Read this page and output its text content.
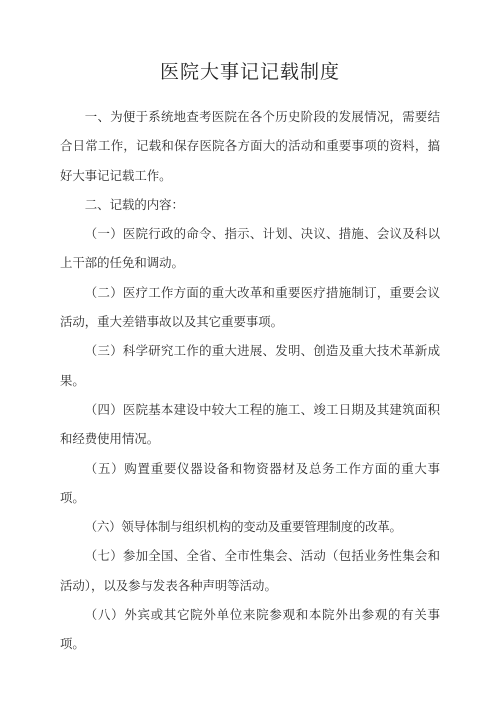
医院大事记记载制度

一、为便于系统地查考医院在各个历史阶段的发展情况，需要结合日常工作，记载和保存医院各方面大的活动和重要事项的资料，搞好大事记记载工作。

二、记载的内容：

（一）医院行政的命令、指示、计划、决议、措施、会议及科以上干部的任免和调动。

（二）医疗工作方面的重大改革和重要医疗措施制订，重要会议活动，重大差错事故以及其它重要事项。

（三）科学研究工作的重大进展、发明、创造及重大技术革新成果。

（四）医院基本建设中较大工程的施工、竣工日期及其建筑面积和经费使用情况。

（五）购置重要仪器设备和物资器材及总务工作方面的重大事项。

（六）领导体制与组织机构的变动及重要管理制度的改革。

（七）参加全国、全省、全市性集会、活动（包括业务性集会和活动），以及参与发表各种声明等活动。

（八）外宾或其它院外单位来院参观和本院外出参观的有关事项。
